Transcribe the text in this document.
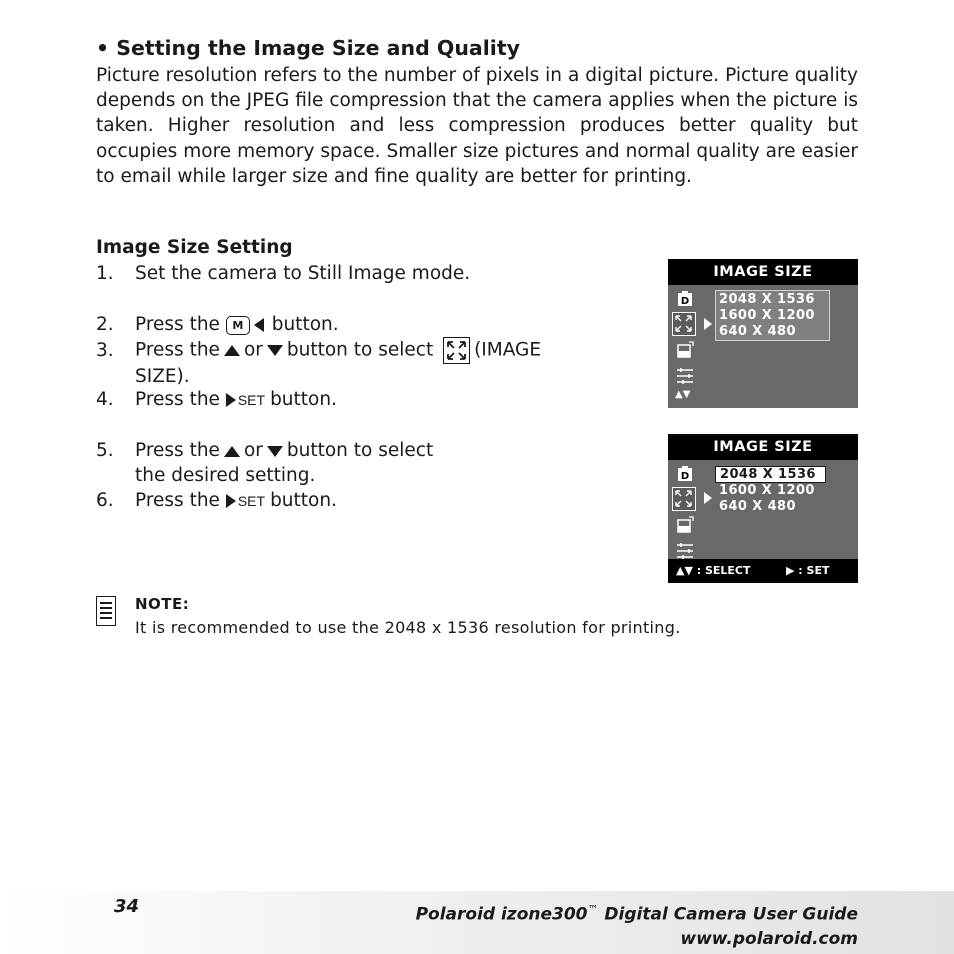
• Setting the Image Size and Quality

Picture resolution refers to the number of pixels in a digital picture. Picture quality depends on the JPEG file compression that the camera applies when the picture is taken. Higher resolution and less compression produces better quality but occupies more memory space. Smaller size pictures and normal quality are easier to email while larger size and fine quality are better for printing.

Image Size Setting
1. Set the camera to Still Image mode.
2. Press the M button.
3. Press the or button to select (IMAGE
SIZE).
4. Press the SET button.
5. Press the or button to select
the desired setting.
6. Press the SET button.
IMAGE SIZE
D
▲▼
2048 X 1536
1600 X 1200
640 X 480
IMAGE SIZE
D	2048 X 1536
1600 X 1200
640 X 480
▲▼ : SELECT	▶ : SET
NOTE:
It is recommended to use the 2048 x 1536 resolution for printing.
34	Polaroid izone300™ Digital Camera User Guide
www.polaroid.com
